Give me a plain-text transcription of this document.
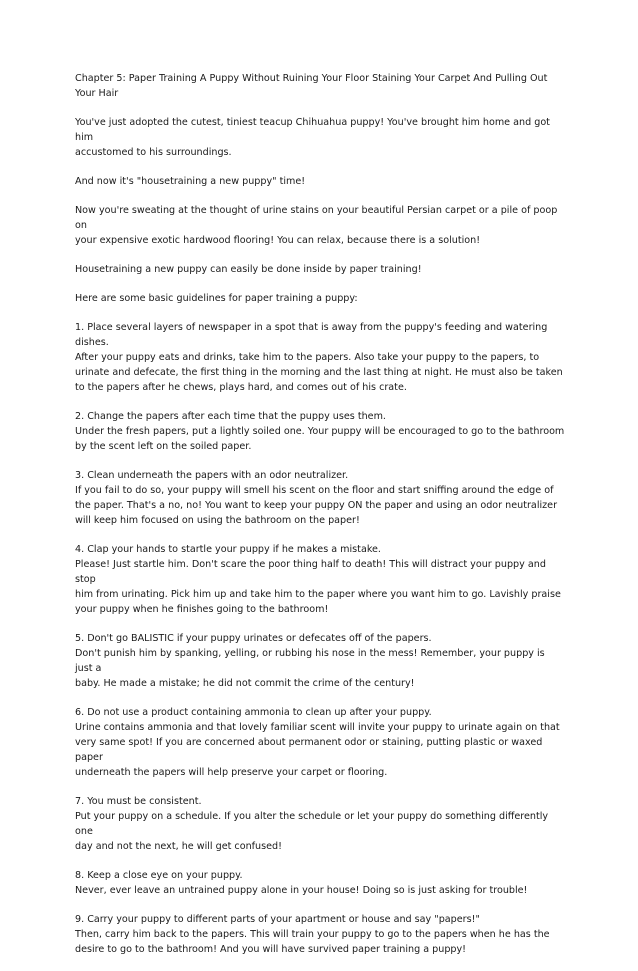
Chapter 5: Paper Training A Puppy Without Ruining Your Floor Staining Your Carpet And Pulling Out
Your Hair

You've just adopted the cutest, tiniest teacup Chihuahua puppy! You've brought him home and got him
accustomed to his surroundings.

And now it's "housetraining a new puppy" time!

Now you're sweating at the thought of urine stains on your beautiful Persian carpet or a pile of poop on
your expensive exotic hardwood flooring! You can relax, because there is a solution!

Housetraining a new puppy can easily be done inside by paper training!

Here are some basic guidelines for paper training a puppy:

1. Place several layers of newspaper in a spot that is away from the puppy's feeding and watering
dishes.
After your puppy eats and drinks, take him to the papers. Also take your puppy to the papers, to
urinate and defecate, the first thing in the morning and the last thing at night. He must also be taken
to the papers after he chews, plays hard, and comes out of his crate.

2. Change the papers after each time that the puppy uses them.
Under the fresh papers, put a lightly soiled one. Your puppy will be encouraged to go to the bathroom
by the scent left on the soiled paper.

3. Clean underneath the papers with an odor neutralizer.
If you fail to do so, your puppy will smell his scent on the floor and start sniffing around the edge of
the paper. That's a no, no! You want to keep your puppy ON the paper and using an odor neutralizer
will keep him focused on using the bathroom on the paper!

4. Clap your hands to startle your puppy if he makes a mistake.
Please! Just startle him. Don't scare the poor thing half to death! This will distract your puppy and stop
him from urinating. Pick him up and take him to the paper where you want him to go. Lavishly praise
your puppy when he finishes going to the bathroom!

5. Don't go BALISTIC if your puppy urinates or defecates off of the papers.
Don't punish him by spanking, yelling, or rubbing his nose in the mess! Remember, your puppy is just a
baby. He made a mistake; he did not commit the crime of the century!

6. Do not use a product containing ammonia to clean up after your puppy.
Urine contains ammonia and that lovely familiar scent will invite your puppy to urinate again on that
very same spot! If you are concerned about permanent odor or staining, putting plastic or waxed paper
underneath the papers will help preserve your carpet or flooring.

7. You must be consistent.
Put your puppy on a schedule. If you alter the schedule or let your puppy do something differently one
day and not the next, he will get confused!

8. Keep a close eye on your puppy.
Never, ever leave an untrained puppy alone in your house! Doing so is just asking for trouble!

9. Carry your puppy to different parts of your apartment or house and say "papers!"
Then, carry him back to the papers. This will train your puppy to go to the papers when he has the
desire to go to the bathroom! And you will have survived paper training a puppy!
